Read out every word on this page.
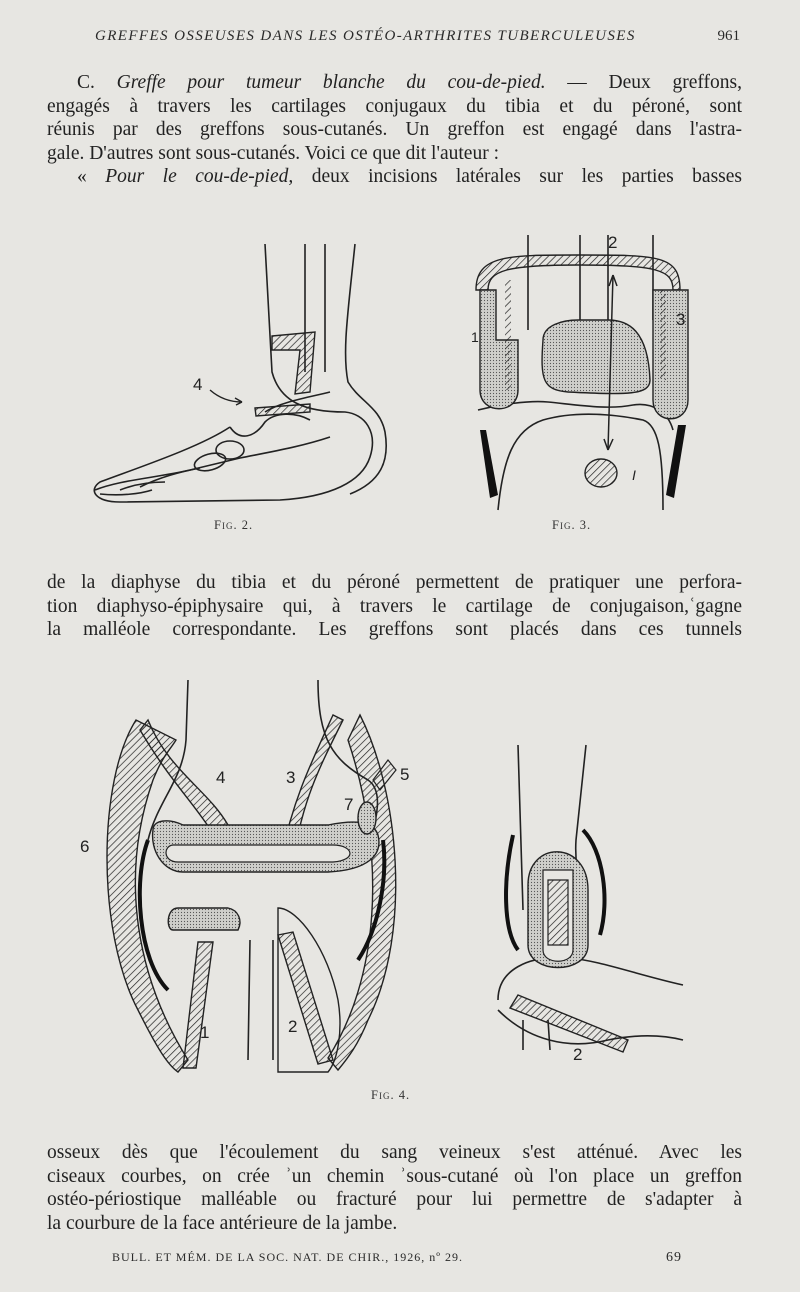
GREFFES OSSEUSES DANS LES OSTÉO-ARTHRITES TUBERCULEUSES	961
C. Greffe pour tumeur blanche du cou-de-pied. — Deux greffons,
engagés à travers les cartilages conjugaux du tibia et du péroné, sont
réunis par des greffons sous-cutanés. Un greffon est engagé dans l'astra-
gale. D'autres sont sous-cutanés. Voici ce que dit l'auteur :
« Pour le cou-de-pied, deux incisions latérales sur les parties basses
4
Fig. 2.
2
1
3
I
Fig. 3.
de la diaphyse du tibia et du péroné permettent de pratiquer une perfora-
tion diaphyso-épiphysaire qui, à travers le cartilage de conjugaison,ʿgagne
la malléole correspondante. Les greffons sont placés dans ces tunnels
4	3	5
7
6
1	2
2
Fig. 4.
osseux dès que l'écoulement du sang veineux s'est atténué. Avec les
ciseaux courbes, on crée ʾun chemin ʾsous-cutané où l'on place un greffon
ostéo-périostique malléable ou fracturé pour lui permettre de s'adapter à
la courbure de la face antérieure de la jambe.
BULL. ET MÉM. DE LA SOC. NAT. DE CHIR., 1926, nº 29.	69
